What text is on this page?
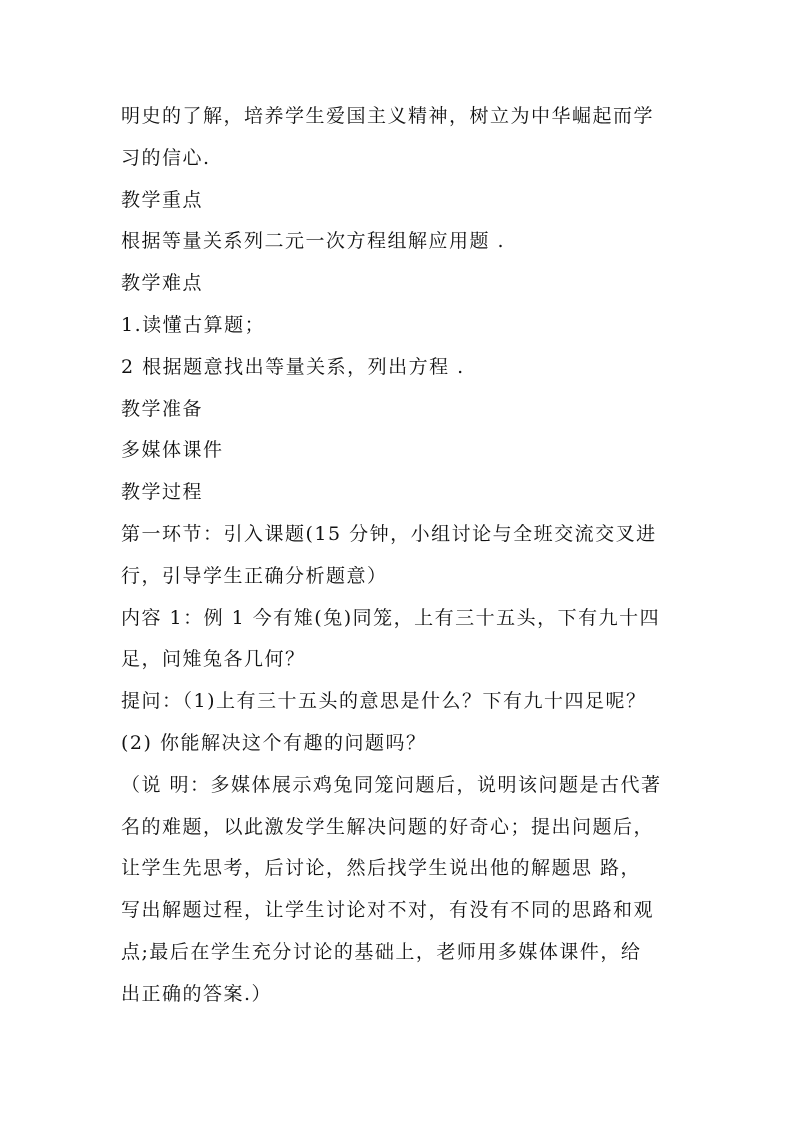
明史的了解，培养学生爱国主义精神，树立为中华崛起而学
习的信心.
教学重点
根据等量关系列二元一次方程组解应用题 .
教学难点
1.读懂古算题；
2 根据题意找出等量关系，列出方程 .
教学准备
多媒体课件
教学过程
第一环节：引入课题(15 分钟，小组讨论与全班交流交叉进
行，引导学生正确分析题意）
内容 1：例 1 今有雉(兔)同笼，上有三十五头，下有九十四
足，问雉兔各几何？
提问：（1)上有三十五头的意思是什么？下有九十四足呢？
(2) 你能解决这个有趣的问题吗？
（说 明：多媒体展示鸡兔同笼问题后，说明该问题是古代著
名的难题，以此激发学生解决问题的好奇心；提出问题后，
让学生先思考，后讨论，然后找学生说出他的解题思 路，
写出解题过程，让学生讨论对不对，有没有不同的思路和观
点;最后在学生充分讨论的基础上，老师用多媒体课件，给
出正确的答案.）
